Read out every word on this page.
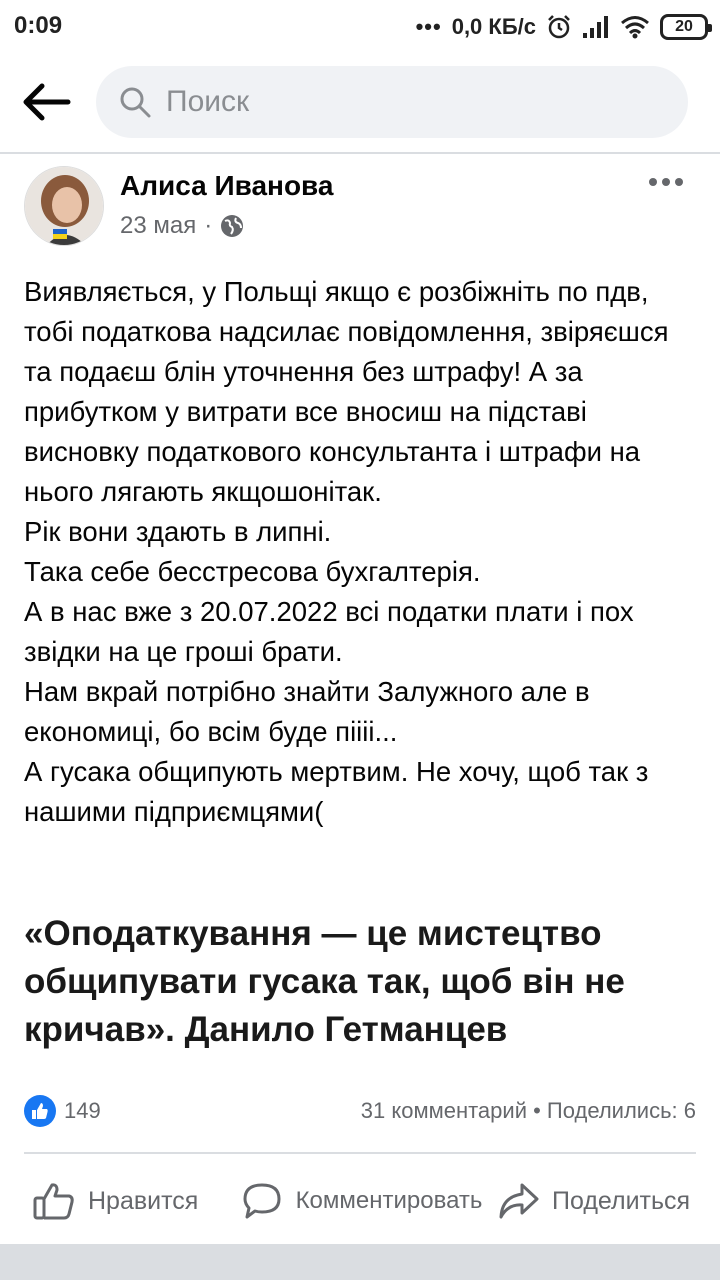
0:09	••• 0,0 КБ/с	20
Поиск
Алиса Иванова
23 мая ·

Виявляється, у Польщі якщо є розбіжніть по пдв, тобі податкова надсилає повідомлення, звіряєшся та подаєш блін уточнення без штрафу! А за прибутком у витрати все вносиш на підставі висновку податкового консультанта і штрафи на нього лягають якщошонітак.

Рік вони здають в липні.

Така себе бесстресова бухгалтерія.

А в нас вже з 20.07.2022 всі податки плати і пох звідки на це гроші брати.

Нам вкрай потрібно знайти Залужного але в економиці, бо всім буде піііі...

А гусака общипують мертвим. Не хочу, щоб так з нашими підприємцями(

«Оподаткування — це мистецтво общипувати гусака так, щоб він не кричав». Данило Гетманцев
149	31 комментарий • Поделились: 6
Нравится	Комментировать	Поделиться
